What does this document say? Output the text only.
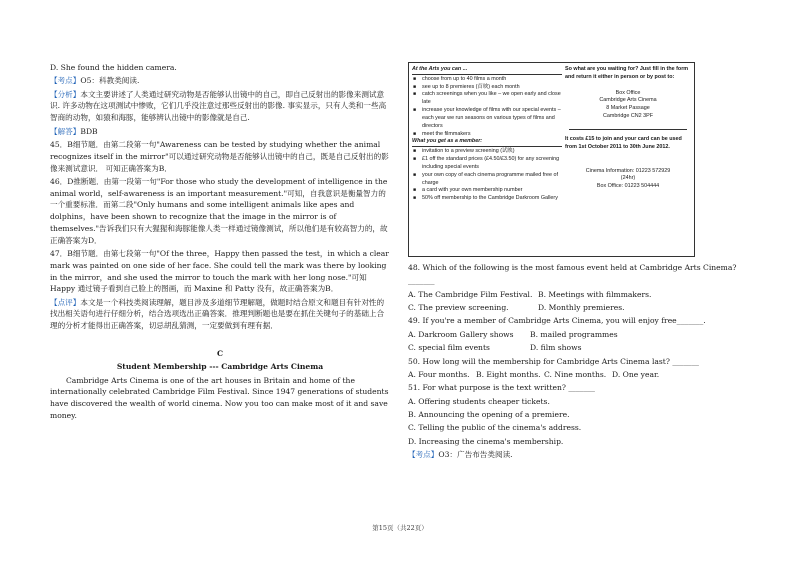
D. She found the hidden camera.

【考点】O5：科教类阅读.

【分析】本文主要讲述了人类通过研究动物是否能够认出镜中的自己，即自己反射出的影像来测试意识. 许多动物在这项测试中惨败，它们几乎没注意过那些反射出的影像. 事实显示，只有人类和一些高智商的动物，如猿和海豚，能够辨认出镜中的影像就是自己.

【解答】BDB

45．B细节题．由第二段第一句"Awareness can be tested by studying whether the animal recognizes itself in the mirror"可以通过研究动物是否能够认出镜中的自己，既是自己反射出的影像来测试意识． 可知正确答案为B．

46．D推断题．由第一段第一句"For those who study the development of intelligence in the animal world，self-awareness is an important measurement."可知，自我意识是衡量智力的一个重要标准．而第二段"Only humans and some intelligent animals like apes and dolphins，have been shown to recognize that the image in the mirror is of themselves."告诉我们只有大猩猩和海豚能像人类一样通过镜像测试，所以他们是有较高智力的，故正确答案为D．

47．B细节题．由第七段第一句"Of the three，Happy then passed the test，in which a clear mark was painted on one side of her face. She could tell the mark was there by looking in the mirror，and she used the mirror to touch the mark with her long nose."可知 Happy 通过镜子看到自己脸上的图画，而 Maxine 和 Patty 没有，故正确答案为B．

【点评】本文是一个科技类阅读理解，题目涉及多道细节理解题，做题时结合原文和题目有针对性的找出相关语句进行仔细分析，结合选项选出正确答案．推理判断题也是要在抓住关键句子的基础上合理的分析才能得出正确答案，切忌胡乱猜测，一定要做到有理有据．

C

Student Membership --- Cambridge Arts Cinema

Cambridge Arts Cinema is one of the art houses in Britain and home of the internationally celebrated Cambridge Film Festival. Since 1947 generations of students have discovered the wealth of world cinema. Now you too can make most of it and save money.

At the Arts you can ...

■ choose from up to 40 films a month
■ see up to 8 premieres (首映) each month
■ catch screenings when you like – we open early and close late
■ increase your knowledge of films with our special events – each year we run seasons on various types of films and directors
■ meet the filmmakers

What you get as a member:

■ invitation to a preview screening (试映)
■ £1 off the standard prices (£4.50/£3.50) for any screening including special events
■ your own copy of each cinema programme mailed free of charge
■ a card with your own membership number
■ 50% off membership to the Cambridge Darkroom Gallery

So what are you waiting for? Just fill in the form and return it either in person or by post to:

Box Office
Cambridge Arts Cinema
8 Market Passage
Cambridge CN2 3PF
It costs £15 to join and your card can be used from 1st October 2011 to 30th June 2012.
Cinema Information: 01223 572929
(24hr)
Box Office: 01223 504444

48. Which of the following is the most famous event held at Cambridge Arts Cinema?

_______

A. The Cambridge Film Festival. B. Meetings with filmmakers.
C. The preview screening.	D. Monthly premieres.

49. If you're a member of Cambridge Arts Cinema, you will enjoy free_______.

A. Darkroom Gallery shows	B. mailed programmes
C. special film events	D. film shows

50. How long will the membership for Cambridge Arts Cinema last? _______

A. Four months. B. Eight months. C. Nine months. D. One year.

51. For what purpose is the text written? _______

A. Offering students cheaper tickets.

B. Announcing the opening of a premiere.

C. Telling the public of the cinema's address.

D. Increasing the cinema's membership.

【考点】O3：广告布告类阅读.

第15页（共22页）
